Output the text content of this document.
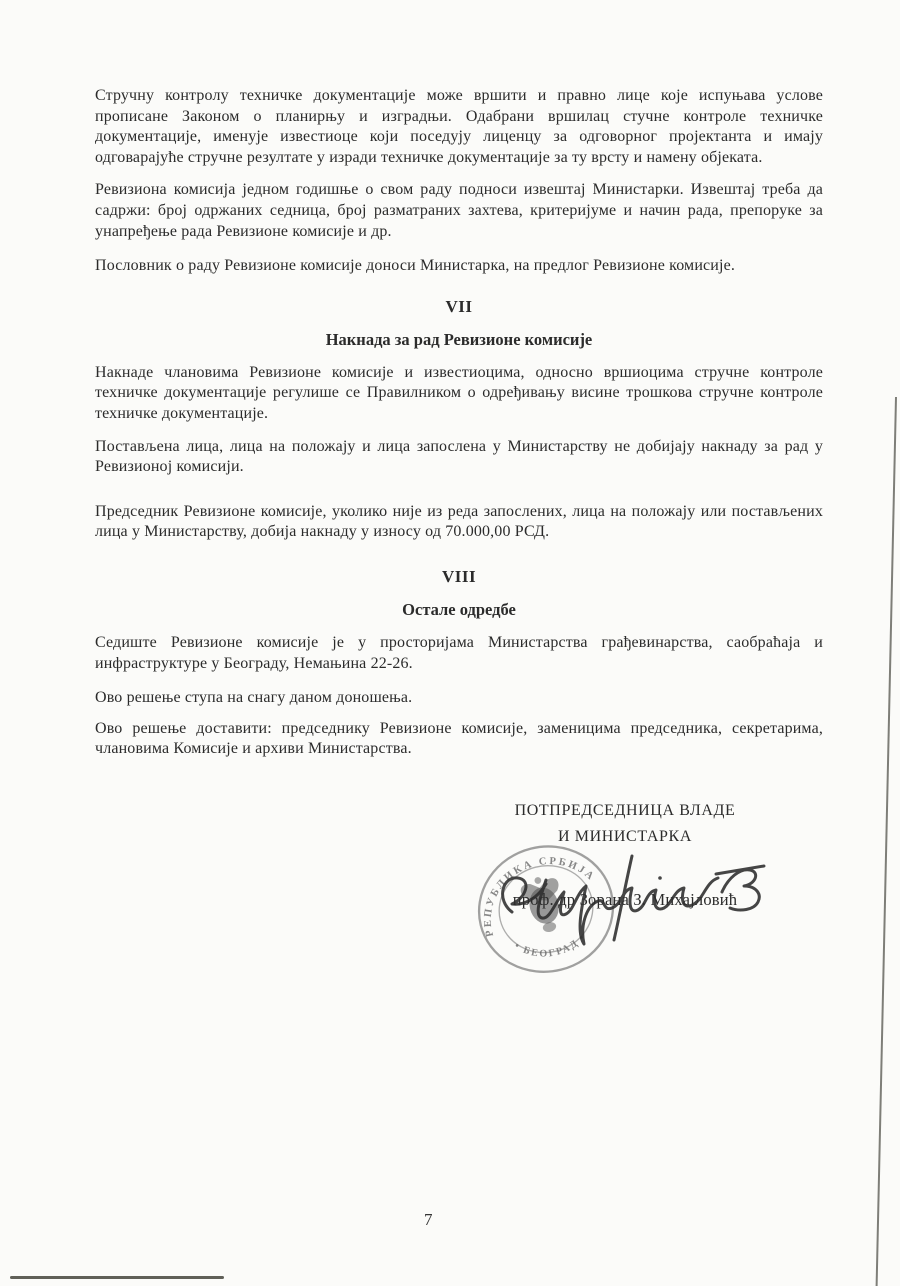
Стручну контролу техничке документације може вршити и правно лице које испуњава услове прописане Законом о планирњу и изградњи. Одабрани вршилац стучне контроле техничке документације, именује известиоце који поседују лиценцу за одговорног пројектанта и имају одговарајуће стручне резултате у изради техничке документације за ту врсту и намену објеката.

Ревизиона комисија једном годишње о свом раду подноси извештај Министарки. Извештај треба да садржи: број одржаних седница, број разматраних захтева, критеријуме и начин рада, препоруке за унапређење рада Ревизионе комисије и др.

Пословник о раду Ревизионе комисије доноси Министарка, на предлог Ревизионе комисије.

VII
Накнада за рад Ревизионе комисије

Накнаде члановима Ревизионе комисије и известиоцима, односно вршиоцима стручне контроле техничке документације регулише се Правилником о одређивању висине трошкова стручне контроле техничке документације.

Постављена лица, лица на положају и лица запослена у Министарству не добијају накнаду за рад у Ревизионој комисији.

Председник Ревизионе комисије, уколико није из реда запослених, лица на положају или постављених лица у Министарству, добија накнаду у износу од 70.000,00 РСД.

VIII
Остале одредбе

Седиште Ревизионе комисије је у просторијама Министарства грађевинарства, саобраћаја и инфраструктуре у Београду, Немањина 22-26.

Ово решење ступа на снагу даном доношења.

Ово решење доставити: председнику Ревизионе комисије, заменицима председника, секретарима, члановима Комисије и архиви Министарства.

ПОТПРЕДСЕДНИЦА ВЛАДЕ
И МИНИСТАРКА
проф. др Зорана З. Михајловић
РЕПУБЛИКА СРБИЈА
• БЕОГРАД •
7
